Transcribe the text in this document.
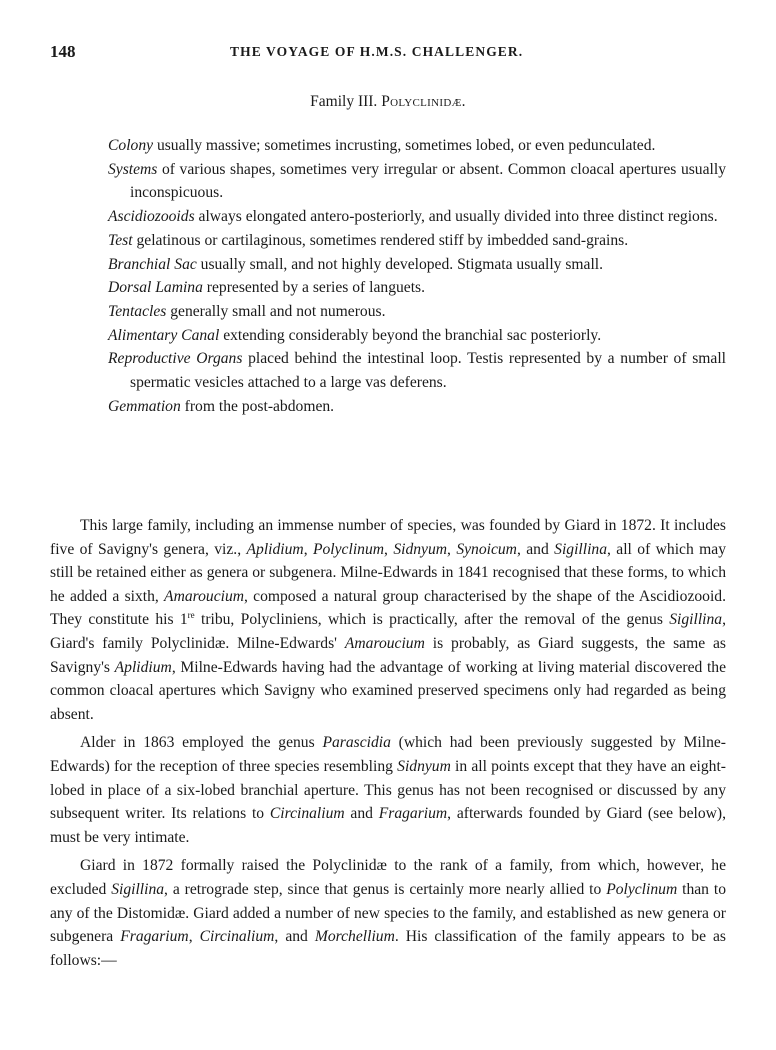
148	THE VOYAGE OF H.M.S. CHALLENGER.
Family III. Polyclinidæ.
Colony usually massive; sometimes incrusting, sometimes lobed, or even pedunculated.
Systems of various shapes, sometimes very irregular or absent. Common cloacal apertures usually inconspicuous.
Ascidiozooids always elongated antero-posteriorly, and usually divided into three distinct regions.
Test gelatinous or cartilaginous, sometimes rendered stiff by imbedded sand-grains.
Branchial Sac usually small, and not highly developed. Stigmata usually small.
Dorsal Lamina represented by a series of languets.
Tentacles generally small and not numerous.
Alimentary Canal extending considerably beyond the branchial sac posteriorly.
Reproductive Organs placed behind the intestinal loop. Testis represented by a number of small spermatic vesicles attached to a large vas deferens.
Gemmation from the post-abdomen.

This large family, including an immense number of species, was founded by Giard in 1872. It includes five of Savigny's genera, viz., Aplidium, Polyclinum, Sidnyum, Synoicum, and Sigillina, all of which may still be retained either as genera or subgenera. Milne-Edwards in 1841 recognised that these forms, to which he added a sixth, Amaroucium, composed a natural group characterised by the shape of the Ascidiozooid. They constitute his 1re tribu, Polycliniens, which is practically, after the removal of the genus Sigillina, Giard's family Polyclinidæ. Milne-Edwards' Amaroucium is probably, as Giard suggests, the same as Savigny's Aplidium, Milne-Edwards having had the advantage of working at living material discovered the common cloacal apertures which Savigny who examined preserved specimens only had regarded as being absent.

Alder in 1863 employed the genus Parascidia (which had been previously suggested by Milne-Edwards) for the reception of three species resembling Sidnyum in all points except that they have an eight-lobed in place of a six-lobed branchial aperture. This genus has not been recognised or discussed by any subsequent writer. Its relations to Circinalium and Fragarium, afterwards founded by Giard (see below), must be very intimate.

Giard in 1872 formally raised the Polyclinidæ to the rank of a family, from which, however, he excluded Sigillina, a retrograde step, since that genus is certainly more nearly allied to Polyclinum than to any of the Distomidæ. Giard added a number of new species to the family, and established as new genera or subgenera Fragarium, Circinalium, and Morchellium. His classification of the family appears to be as follows:—
